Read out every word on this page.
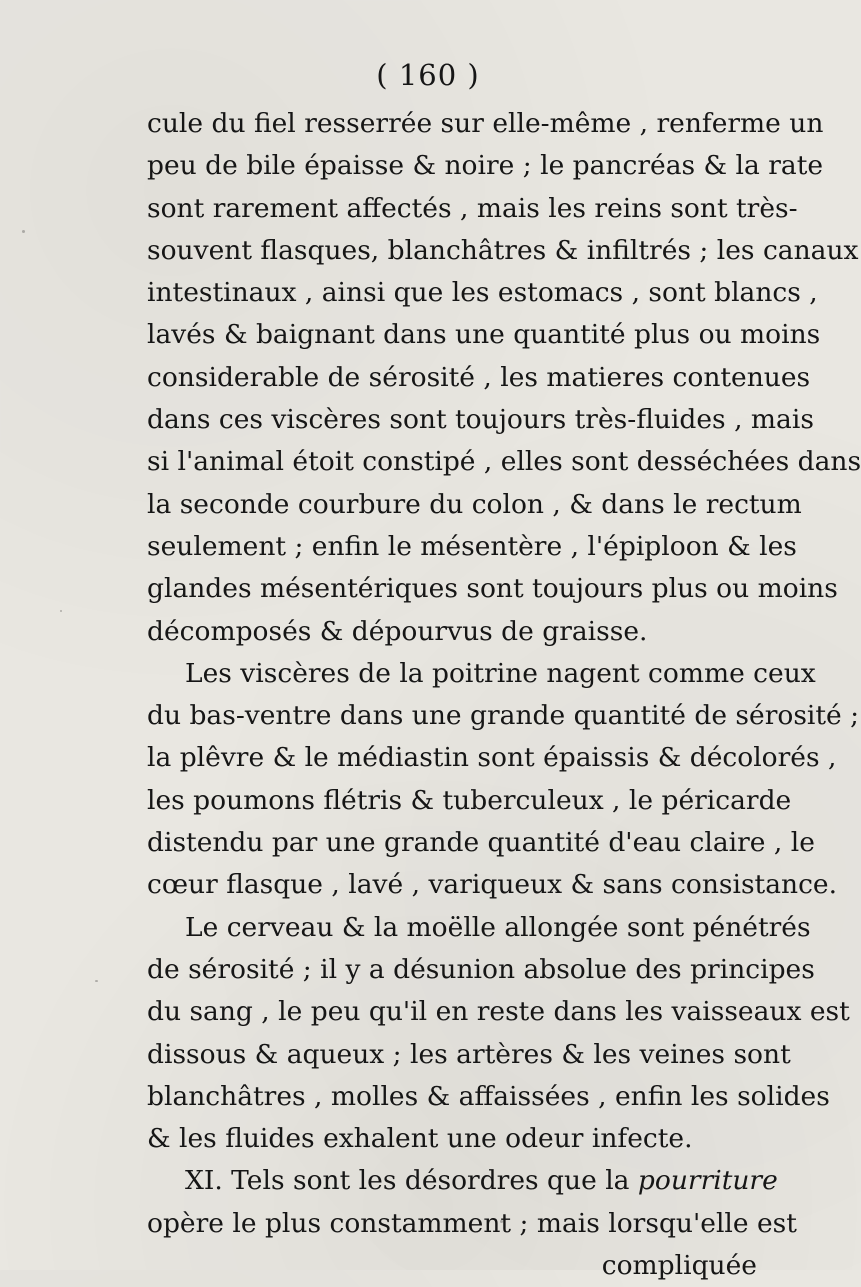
( 160 )
cule du fiel resserrée sur elle-même , renferme un
peu de bile épaisse & noire ; le pancréas & la rate
sont rarement affectés , mais les reins sont très-
souvent flasques, blanchâtres & infiltrés ; les canaux
intestinaux , ainsi que les estomacs , sont blancs ,
lavés & baignant dans une quantité plus ou moins
considerable de sérosité , les matieres contenues
dans ces viscères sont toujours très-fluides , mais
si l'animal étoit constipé , elles sont desséchées dans
la seconde courbure du colon , & dans le rectum
seulement ; enfin le mésentère , l'épiploon & les
glandes mésentériques sont toujours plus ou moins
décomposés & dépourvus de graisse.
Les viscères de la poitrine nagent comme ceux
du bas-ventre dans une grande quantité de sérosité ;
la plêvre & le médiastin sont épaissis & décolorés ,
les poumons flétris & tuberculeux , le péricarde
distendu par une grande quantité d'eau claire , le
cœur flasque , lavé , variqueux & sans consistance.
Le cerveau & la moëlle allongée sont pénétrés
de sérosité ; il y a désunion absolue des principes
du sang , le peu qu'il en reste dans les vaisseaux est
dissous & aqueux ; les artères & les veines sont
blanchâtres , molles & affaissées , enfin les solides
& les fluides exhalent une odeur infecte.
XI. Tels sont les désordres que la pourriture
opère le plus constamment ; mais lorsqu'elle est
compliquée
